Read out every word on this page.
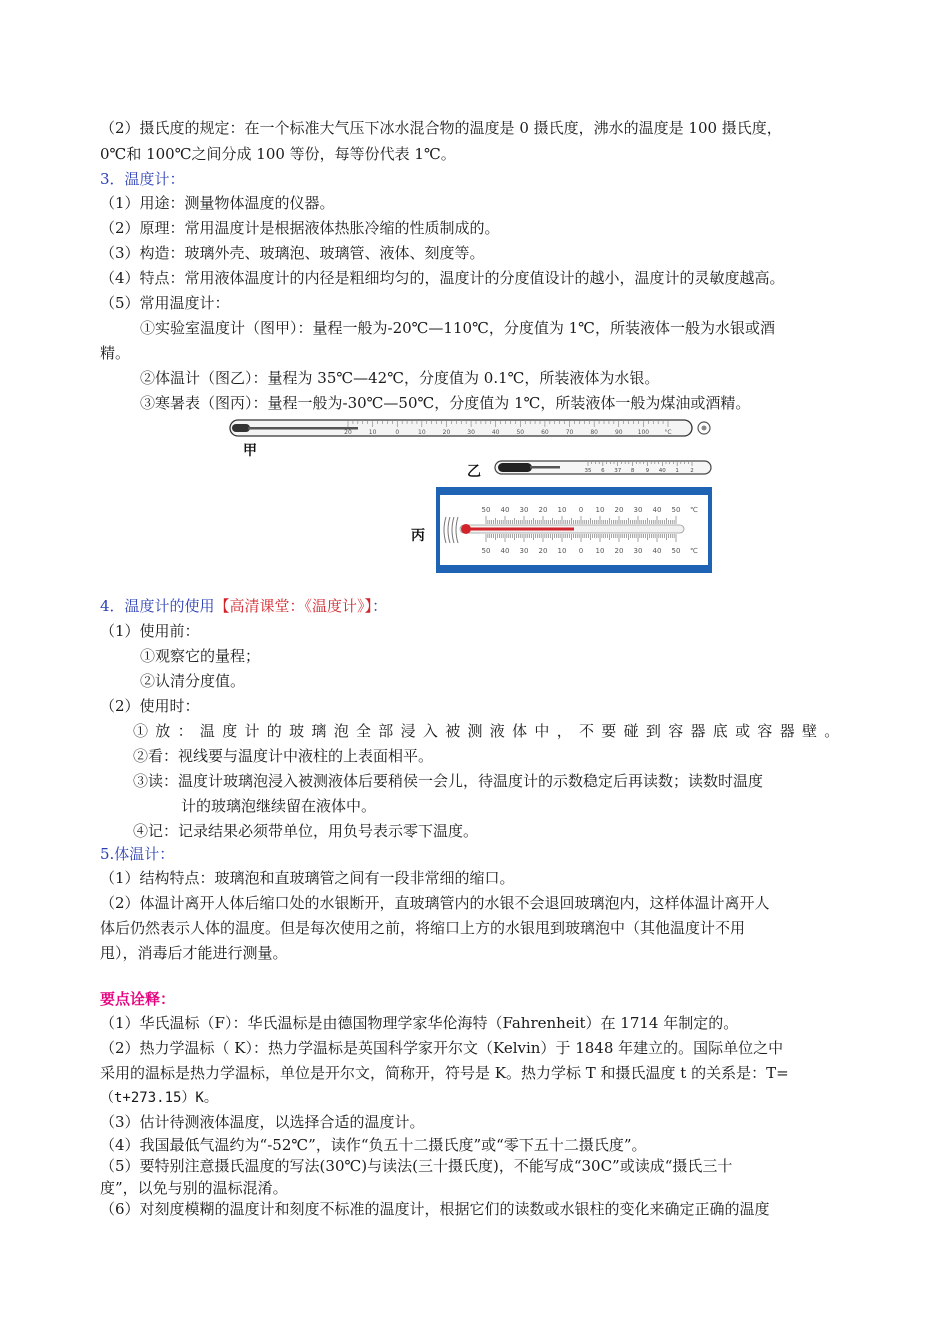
（2）摄氏度的规定：在一个标准大气压下冰水混合物的温度是 0 摄氏度，沸水的温度是 100 摄氏度，
0℃和 100℃之间分成 100 等份，每等份代表 1℃。
3．温度计：
（1）用途：测量物体温度的仪器。
（2）原理：常用温度计是根据液体热胀冷缩的性质制成的。
（3）构造：玻璃外壳、玻璃泡、玻璃管、液体、刻度等。
（4）特点：常用液体温度计的内径是粗细均匀的，温度计的分度值设计的越小，温度计的灵敏度越高。
（5）常用温度计：
①实验室温度计（图甲）：量程一般为-20℃—110℃，分度值为 1℃，所装液体一般为水银或酒
精。
②体温计（图乙）：量程为 35℃—42℃，分度值为 0.1℃，所装液体为水银。
③寒暑表（图丙）：量程一般为-30℃—50℃，分度值为 1℃，所装液体一般为煤油或酒精。
甲
乙
丙
20	10	0	10	20	30	40	50	60	70	80	90	100	°C
35 6 37 8 9 40 1 2
50
50
40
40
30
30
20
20
10
10
0
0
10
10
20
20
30
30
40
40
50
50
℃
℃
4．温度计的使用【高清课堂：《温度计》】：
（1）使用前：
①观察它的量程；
②认清分度值。
（2）使用时：
①放：温度计的玻璃泡全部浸入被测液体中，不要碰到容器底或容器壁。
②看：视线要与温度计中液柱的上表面相平。
③读：温度计玻璃泡浸入被测液体后要稍侯一会儿，待温度计的示数稳定后再读数；读数时温度
计的玻璃泡继续留在液体中。
④记：记录结果必须带单位，用负号表示零下温度。
5.体温计：
（1）结构特点：玻璃泡和直玻璃管之间有一段非常细的缩口。
（2）体温计离开人体后缩口处的水银断开，直玻璃管内的水银不会退回玻璃泡内，这样体温计离开人
体后仍然表示人体的温度。但是每次使用之前，将缩口上方的水银甩到玻璃泡中（其他温度计不用
甩），消毒后才能进行测量。
要点诠释：
（1）华氏温标（F）：华氏温标是由德国物理学家华伦海特（Fahrenheit）在 1714 年制定的。
（2）热力学温标（ K）：热力学温标是英国科学家开尔文（Kelvin）于 1848 年建立的。国际单位之中
采用的温标是热力学温标，单位是开尔文，简称开，符号是 K。热力学标 T 和摄氏温度 t 的关系是：T=
（t+273.15）K。
（3）估计待测液体温度，以选择合适的温度计。
（4）我国最低气温约为“-52℃”，读作“负五十二摄氏度”或“零下五十二摄氏度”。
（5）要特别注意摄氏温度的写法(30℃)与读法(三十摄氏度)，不能写成“30C”或读成“摄氏三十
度”，以免与别的温标混淆。
（6）对刻度模糊的温度计和刻度不标准的温度计，根据它们的读数或水银柱的变化来确定正确的温度
